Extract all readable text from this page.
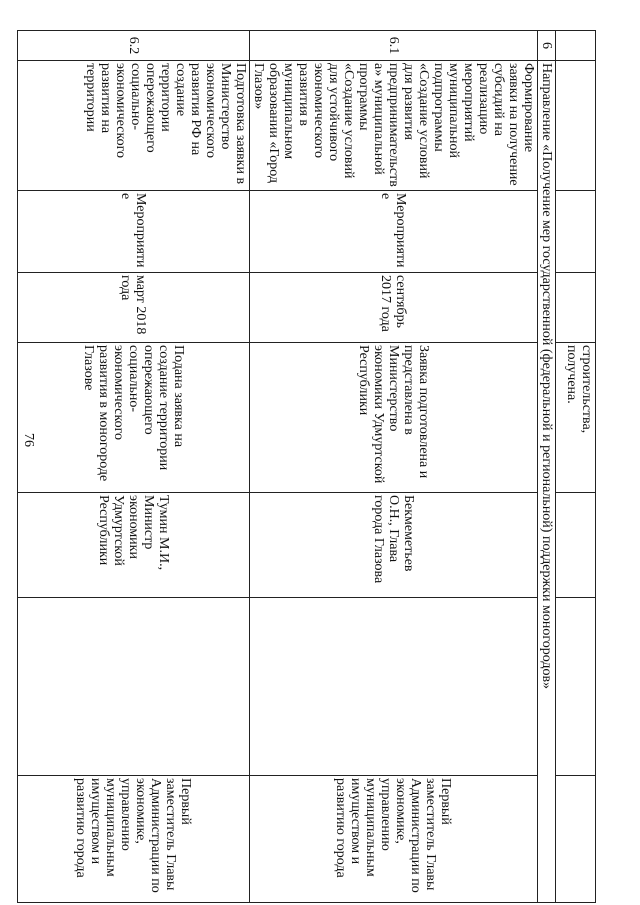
76
				строительства, получена.			
6	Направление «Получение мер государственной (федеральной и региональной) поддержки моногородов»						
6.1	Формирование заявки на получение субсидий на реализацию мероприятий муниципальной подпрограммы «Создание условий для развития предпринимательства» муниципальной программы «Создание условий для устойчивого экономического развития в муниципальном образовании «Город Глазов»	Мероприятие	сентябрь 2017 года	Заявка подготовлена и представлена в Министерство экономики Удмуртской Республики	Бекмеметьев О.Н., Глава города Глазова		Первый заместитель Главы Администрации по экономике, управлению муниципальным имуществом и развитию города
6.2	Подготовка заявки в Министерство экономического развития РФ на создание территории опережающего социально-экономического развития на территории	Мероприятие	март 2018 года	Подана заявка на создание территории опережающего социально-экономического развития в моногороде Глазове	Тумин М.И., Министр экономики Удмуртской Республики		Первый заместитель Главы Администрации по экономике, управлению муниципальным имуществом и развитию города
